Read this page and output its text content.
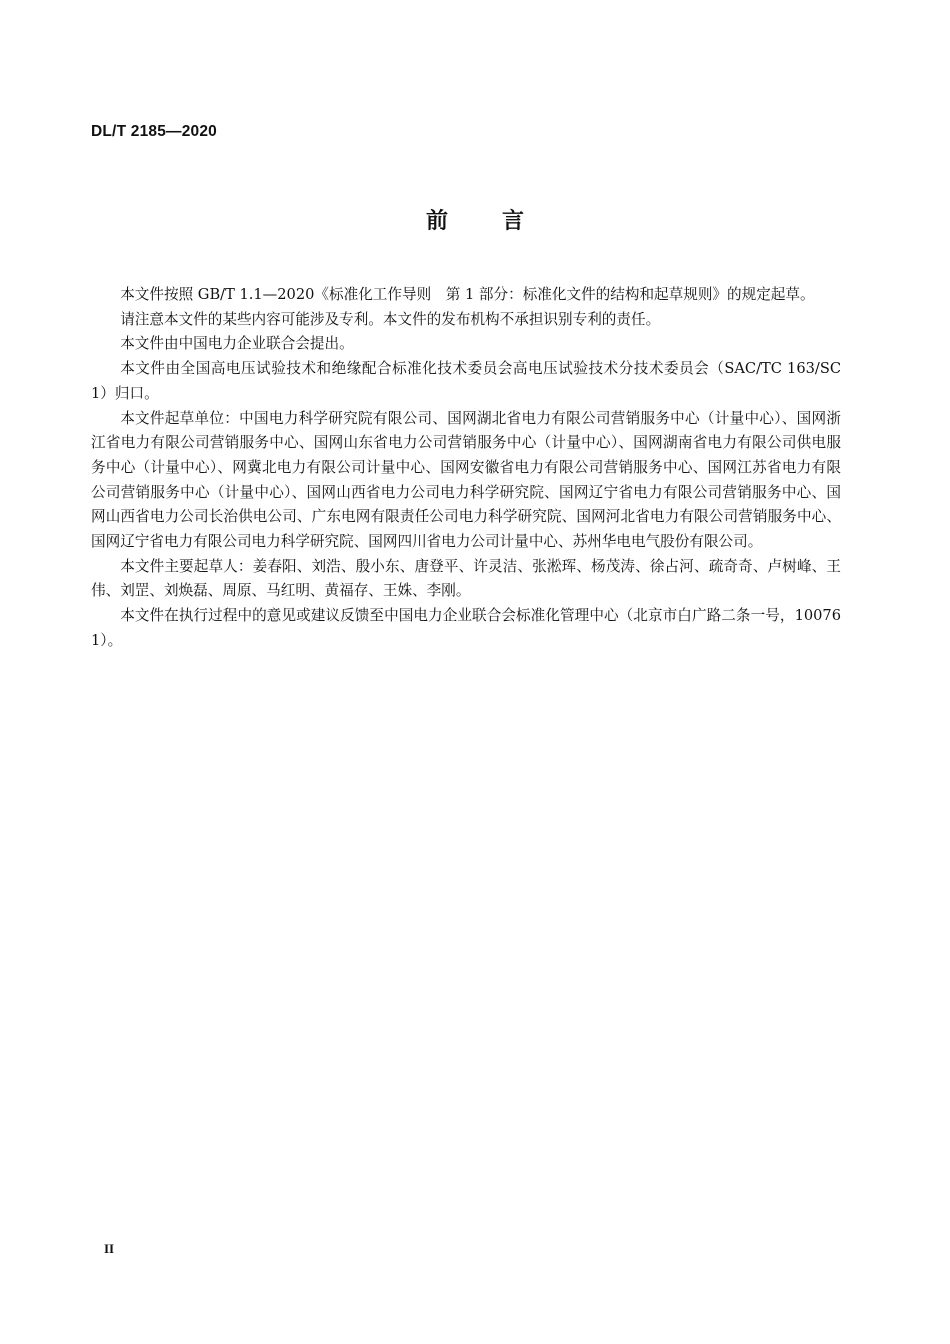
DL/T 2185—2020
前言

本文件按照 GB/T 1.1—2020《标准化工作导则　第 1 部分：标准化文件的结构和起草规则》的规定起草。

请注意本文件的某些内容可能涉及专利。本文件的发布机构不承担识别专利的责任。

本文件由中国电力企业联合会提出。

本文件由全国高电压试验技术和绝缘配合标准化技术委员会高电压试验技术分技术委员会（SAC/TC 163/SC 1）归口。

本文件起草单位：中国电力科学研究院有限公司、国网湖北省电力有限公司营销服务中心（计量中心）、国网浙江省电力有限公司营销服务中心、国网山东省电力公司营销服务中心（计量中心）、国网湖南省电力有限公司供电服务中心（计量中心）、网冀北电力有限公司计量中心、国网安徽省电力有限公司营销服务中心、国网江苏省电力有限公司营销服务中心（计量中心）、国网山西省电力公司电力科学研究院、国网辽宁省电力有限公司营销服务中心、国网山西省电力公司长治供电公司、广东电网有限责任公司电力科学研究院、国网河北省电力有限公司营销服务中心、国网辽宁省电力有限公司电力科学研究院、国网四川省电力公司计量中心、苏州华电电气股份有限公司。

本文件主要起草人：姜春阳、刘浩、殷小东、唐登平、许灵洁、张淞珲、杨茂涛、徐占河、疏奇奇、卢树峰、王伟、刘罡、刘焕磊、周原、马红明、黄福存、王姝、李刚。

本文件在执行过程中的意见或建议反馈至中国电力企业联合会标准化管理中心（北京市白广路二条一号，100761）。

II
